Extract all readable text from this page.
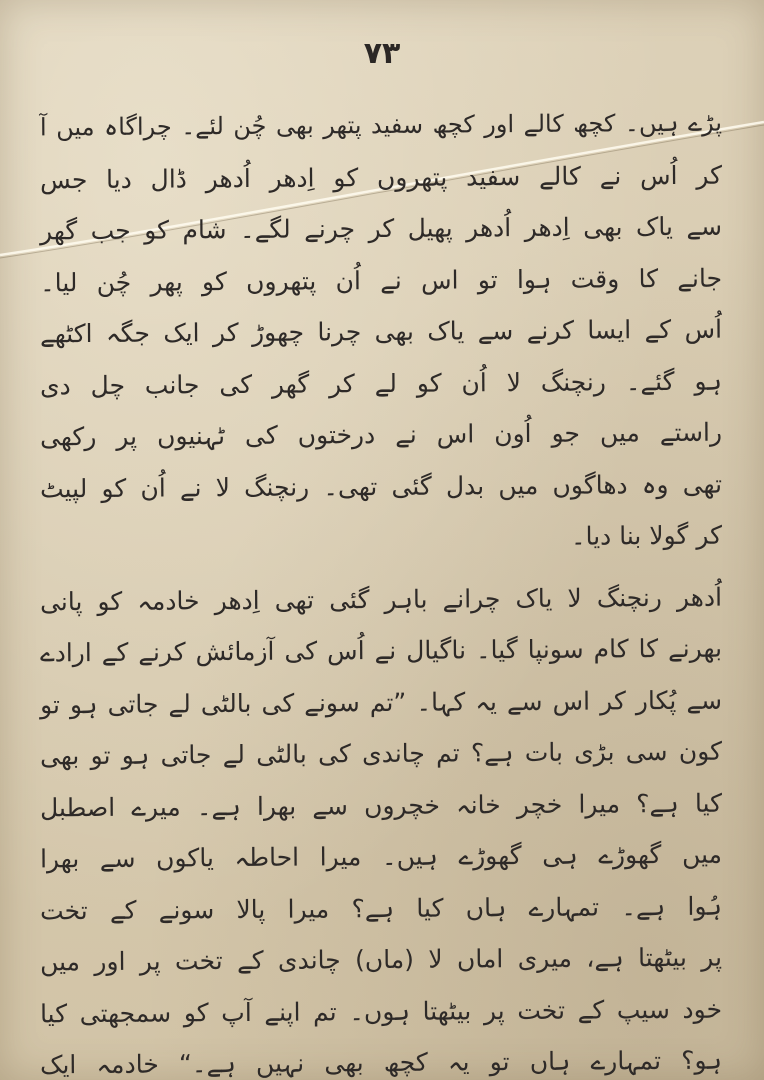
۷۳
پڑے ہیں۔ کچھ کالے اور کچھ سفید پتھر بھی چُن لئے۔ چراگاہ میں آ
کر اُس نے کالے سفید پتھروں کو اِدھر اُدھر ڈال دیا جس
سے یاک بھی اِدھر اُدھر پھیل کر چرنے لگے۔ شام کو جب گھر
جانے کا وقت ہوا تو اس نے اُن پتھروں کو پھر چُن لیا۔
اُس کے ایسا کرنے سے یاک بھی چرنا چھوڑ کر ایک جگہ اکٹھے
ہو گئے۔ رنچنگ لا اُن کو لے کر گھر کی جانب چل دی
راستے میں جو اُون اس نے درختوں کی ٹہنیوں پر رکھی
تھی وہ دھاگوں میں بدل گئی تھی۔ رنچنگ لا نے اُن کو لپیٹ
کر گولا بنا دیا۔
اُدھر رنچنگ لا یاک چرانے باہر گئی تھی اِدھر خادمہ کو پانی
بھرنے کا کام سونپا گیا۔ ناگیال نے اُس کی آزمائش کرنے کے ارادے
سے پُکار کر اس سے یہ کہا۔ ”تم سونے کی بالٹی لے جاتی ہو تو
کون سی بڑی بات ہے؟ تم چاندی کی بالٹی لے جاتی ہو تو بھی
کیا ہے؟ میرا خچر خانہ خچروں سے بھرا ہے۔ میرے اصطبل
میں گھوڑے ہی گھوڑے ہیں۔ میرا احاطہ یاکوں سے بھرا
ہُوا ہے۔ تمہارے ہاں کیا ہے؟ میرا پالا سونے کے تخت
پر بیٹھتا ہے، میری اماں لا (ماں) چاندی کے تخت پر اور میں
خود سیپ کے تخت پر بیٹھتا ہوں۔ تم اپنے آپ کو سمجھتی کیا
ہو؟ تمہارے ہاں تو یہ کچھ بھی نہیں ہے۔“ خادمہ ایک
